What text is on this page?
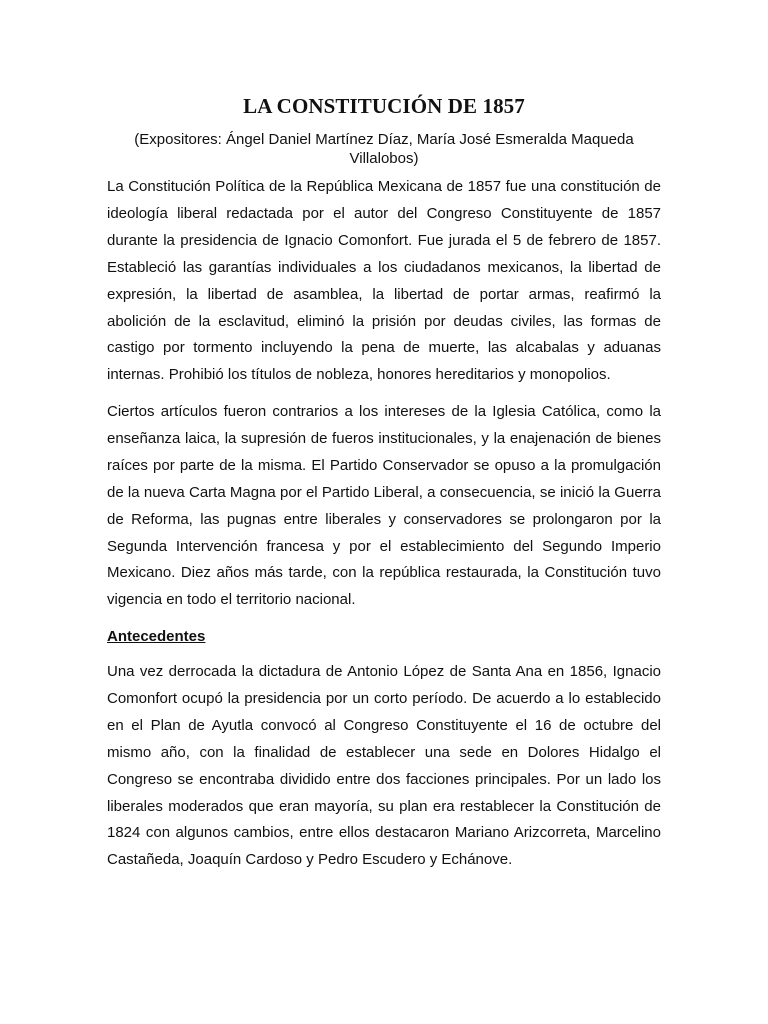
LA CONSTITUCIÓN DE 1857

(Expositores: Ángel Daniel Martínez Díaz, María José Esmeralda Maqueda Villalobos)

La Constitución Política de la República Mexicana de 1857 fue una constitución de ideología liberal redactada por el autor del Congreso Constituyente de 1857 durante la presidencia de Ignacio Comonfort. Fue jurada el 5 de febrero de 1857. Estableció las garantías individuales a los ciudadanos mexicanos, la libertad de expresión, la libertad de asamblea, la libertad de portar armas, reafirmó la abolición de la esclavitud, eliminó la prisión por deudas civiles, las formas de castigo por tormento incluyendo la pena de muerte, las alcabalas y aduanas internas. Prohibió los títulos de nobleza, honores hereditarios y monopolios.

Ciertos artículos fueron contrarios a los intereses de la Iglesia Católica, como la enseñanza laica, la supresión de fueros institucionales, y la enajenación de bienes raíces por parte de la misma. El Partido Conservador se opuso a la promulgación de la nueva Carta Magna por el Partido Liberal, a consecuencia, se inició la Guerra de Reforma, las pugnas entre liberales y conservadores se prolongaron por la Segunda Intervención francesa y por el establecimiento del Segundo Imperio Mexicano. Diez años más tarde, con la república restaurada, la Constitución tuvo vigencia en todo el territorio nacional.

Antecedentes

Una vez derrocada la dictadura de Antonio López de Santa Ana en 1856, Ignacio Comonfort ocupó la presidencia por un corto período. De acuerdo a lo establecido en el Plan de Ayutla convocó al Congreso Constituyente el 16 de octubre del mismo año, con la finalidad de establecer una sede en Dolores Hidalgo el Congreso se encontraba dividido entre dos facciones principales. Por un lado los liberales moderados que eran mayoría, su plan era restablecer la Constitución de 1824 con algunos cambios, entre ellos destacaron Mariano Arizcorreta, Marcelino Castañeda, Joaquín Cardoso y Pedro Escudero y Echánove.
